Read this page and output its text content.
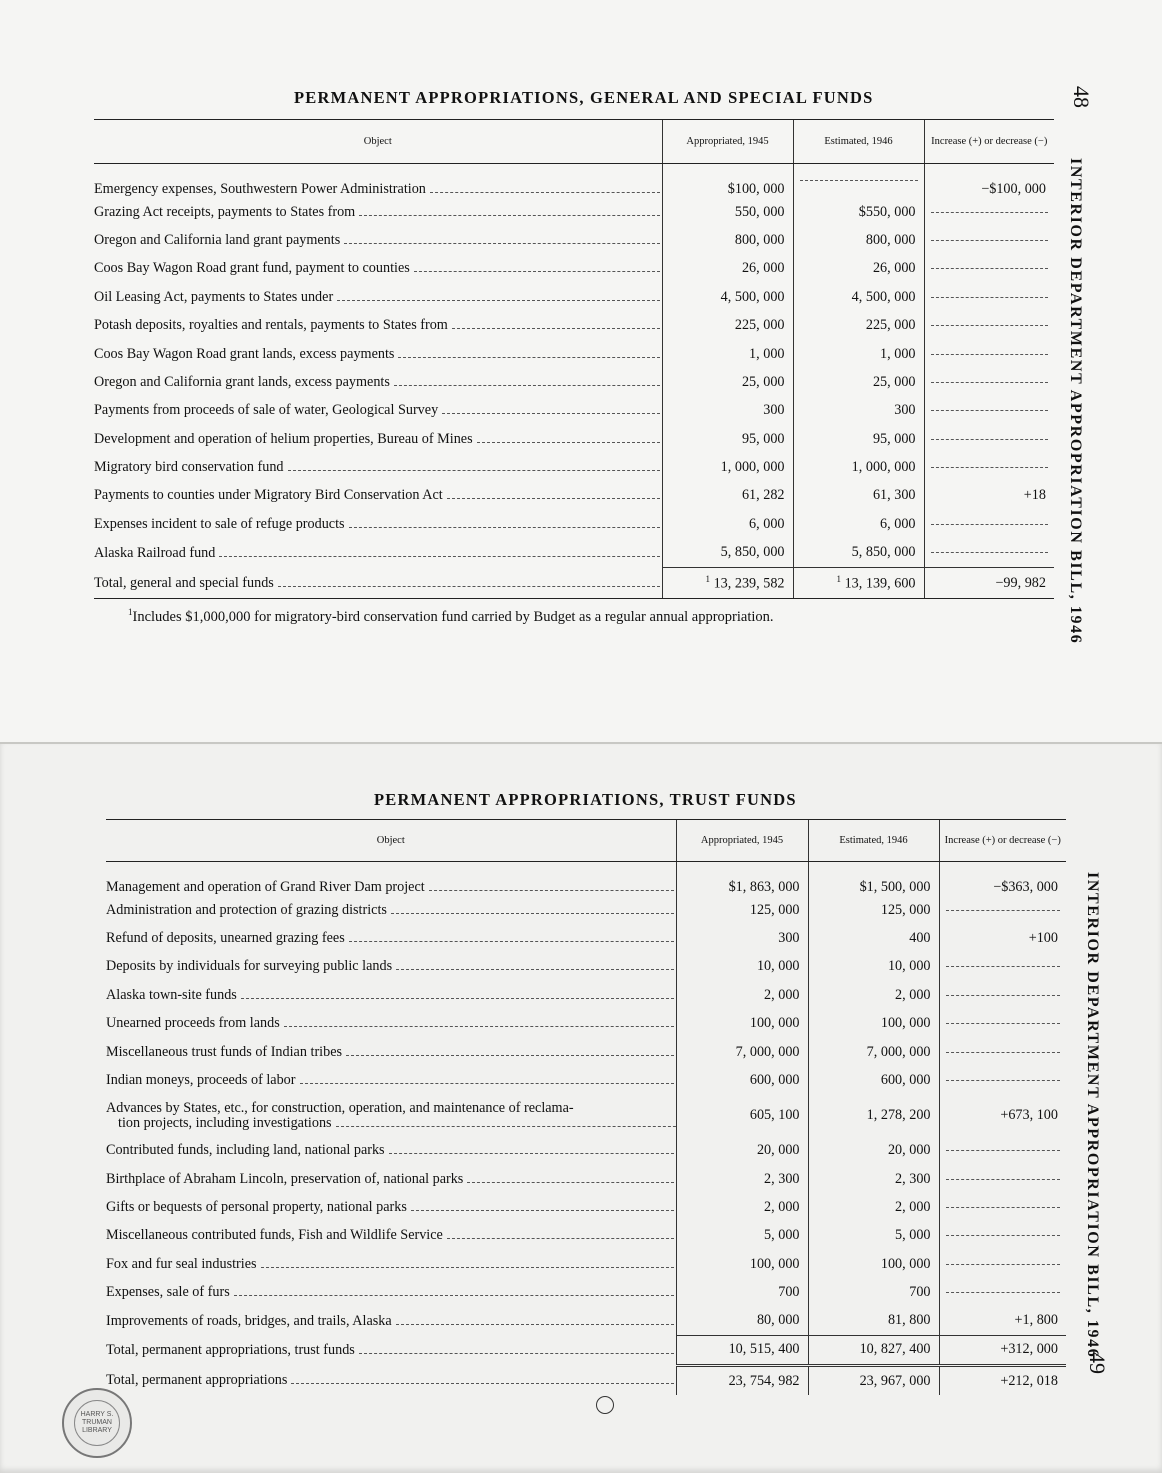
PERMANENT APPROPRIATIONS, GENERAL AND SPECIAL FUNDS	48
INTERIOR DEPARTMENT APPROPRIATION BILL, 1946
Object	Appropriated, 1945	Estimated, 1946	Increase (+) or decrease (−)

Emergency expenses, Southwestern Power Administration	$100, 000		−$100, 000

Grazing Act receipts, payments to States from	550, 000	$550, 000	

Oregon and California land grant payments	800, 000	800, 000	

Coos Bay Wagon Road grant fund, payment to counties	26, 000	26, 000	

Oil Leasing Act, payments to States under	4, 500, 000	4, 500, 000	

Potash deposits, royalties and rentals, payments to States from	225, 000	225, 000	

Coos Bay Wagon Road grant lands, excess payments	1, 000	1, 000	

Oregon and California grant lands, excess payments	25, 000	25, 000	

Payments from proceeds of sale of water, Geological Survey	300	300	

Development and operation of helium properties, Bureau of Mines	95, 000	95, 000	

Migratory bird conservation fund	1, 000, 000	1, 000, 000	

Payments to counties under Migratory Bird Conservation Act	61, 282	61, 300	+18

Expenses incident to sale of refuge products	6, 000	6, 000	

Alaska Railroad fund	5, 850, 000	5, 850, 000	

Total, general and special funds	$^1$ 13, 239, 582	$^1$ 13, 139, 600	−99, 982
$^1$Includes $1,000,000 for migratory-bird conservation fund carried by Budget as a regular annual appropriation.
PERMANENT APPROPRIATIONS, TRUST FUNDS
INTERIOR DEPARTMENT APPROPRIATION BILL, 1946
49
Object	Appropriated, 1945	Estimated, 1946	Increase (+) or decrease (−)

Management and operation of Grand River Dam project	$1, 863, 000	$1, 500, 000	−$363, 000

Administration and protection of grazing districts	125, 000	125, 000	

Refund of deposits, unearned grazing fees	300	400	+100

Deposits by individuals for surveying public lands	10, 000	10, 000	

Alaska town-site funds	2, 000	2, 000	

Unearned proceeds from lands	100, 000	100, 000	

Miscellaneous trust funds of Indian tribes	7, 000, 000	7, 000, 000	

Indian moneys, proceeds of labor	600, 000	600, 000	

Advances by States, etc., for construction, operation, and maintenance of reclama-
tion projects, including investigations	605, 100	1, 278, 200	+673, 100

Contributed funds, including land, national parks	20, 000	20, 000	

Birthplace of Abraham Lincoln, preservation of, national parks	2, 300	2, 300	

Gifts or bequests of personal property, national parks	2, 000	2, 000	

Miscellaneous contributed funds, Fish and Wildlife Service	5, 000	5, 000	

Fox and fur seal industries	100, 000	100, 000	

Expenses, sale of furs	700	700	

Improvements of roads, bridges, and trails, Alaska	80, 000	81, 800	+1, 800

Total, permanent appropriations, trust funds	10, 515, 400	10, 827, 400	+312, 000

Total, permanent appropriations	23, 754, 982	23, 967, 000	+212, 018
HARRY S. TRUMAN LIBRARY
